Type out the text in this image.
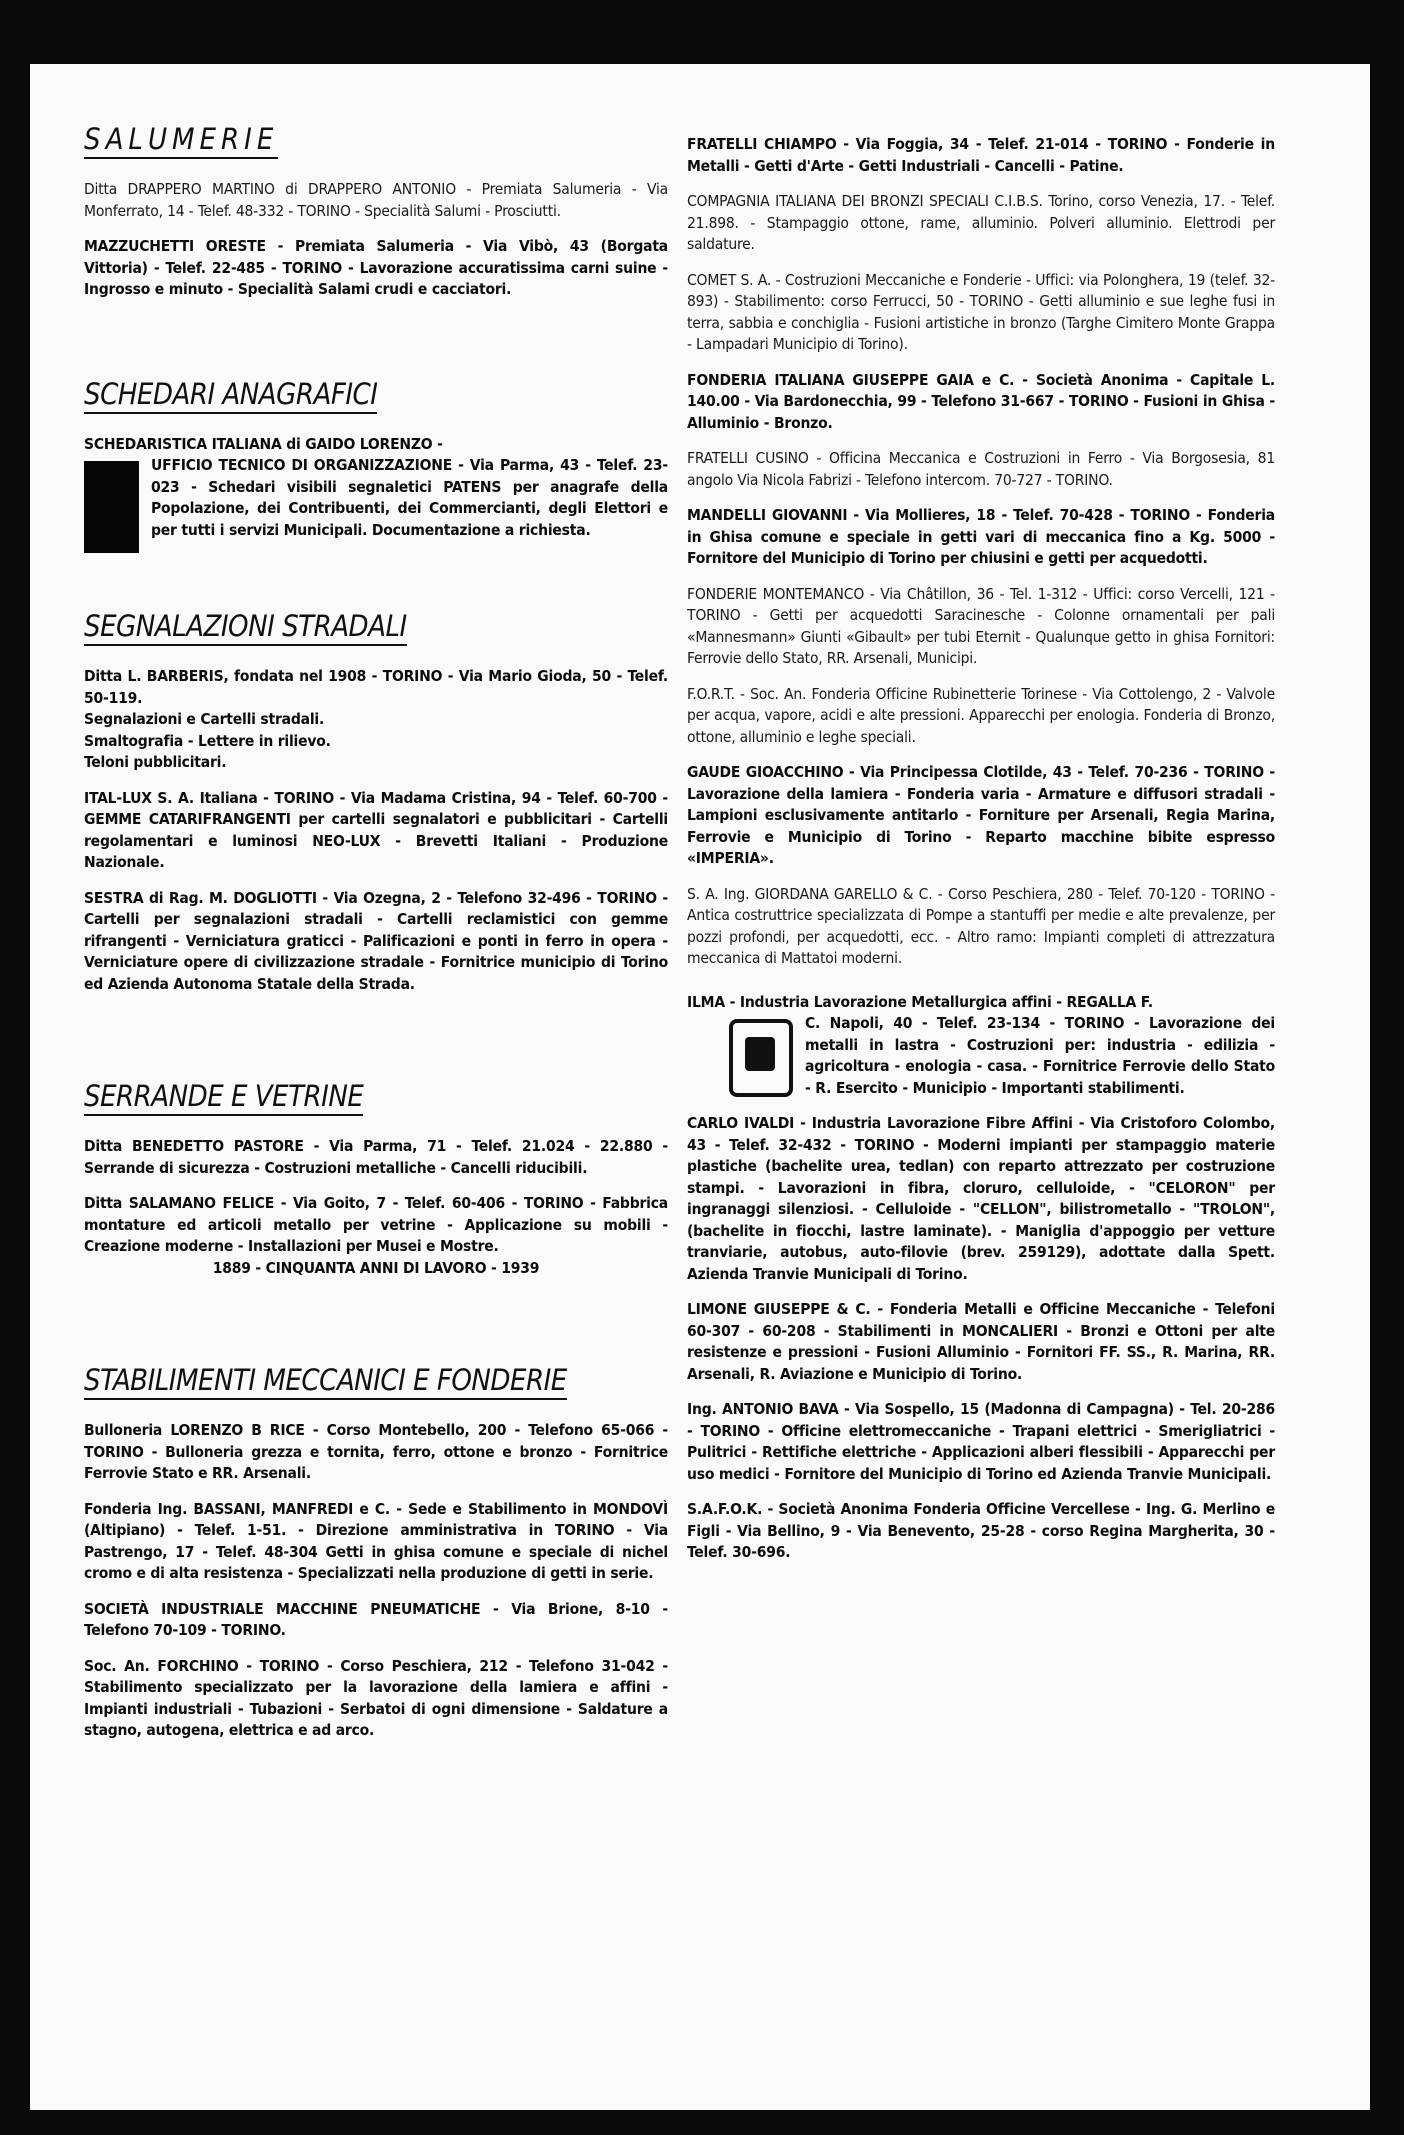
SALUMERIE
Ditta DRAPPERO MARTINO di DRAPPERO ANTONIO - Premiata Salumeria - Via Monferrato, 14 - Telef. 48-332 - TORINO - Specialità Salumi - Prosciutti.
MAZZUCHETTI ORESTE - Premiata Salumeria - Via Vibò, 43 (Borgata Vittoria) - Telef. 22-485 - TORINO - Lavorazione accuratissima carni suine - Ingrosso e minuto - Specialità Salami crudi e cacciatori.
SCHEDARI ANAGRAFICI
SCHEDARISTICA ITALIANA di GAIDO LORENZO -
UFFICIO TECNICO DI ORGANIZZAZIONE - Via Parma, 43 - Telef. 23-023 - Schedari visibili segnaletici PATENS per anagrafe della Popolazione, dei Contribuenti, dei Commercianti, degli Elettori e per tutti i servizi Municipali. Documentazione a richiesta.
SEGNALAZIONI STRADALI
Ditta L. BARBERIS, fondata nel 1908 - TORINO - Via Mario Gioda, 50 - Telef. 50-119.
Segnalazioni e Cartelli stradali.
Smaltografia - Lettere in rilievo.
Teloni pubblicitari.
ITAL-LUX S. A. Italiana - TORINO - Via Madama Cristina, 94 - Telef. 60-700 - GEMME CATARIFRANGENTI per cartelli segnalatori e pubblicitari - Cartelli regolamentari e luminosi NEO-LUX - Brevetti Italiani - Produzione Nazionale.
SESTRA di Rag. M. DOGLIOTTI - Via Ozegna, 2 - Telefono 32-496 - TORINO - Cartelli per segnalazioni stradali - Cartelli reclamistici con gemme rifrangenti - Verniciatura graticci - Palificazioni e ponti in ferro in opera - Verniciature opere di civilizzazione stradale - Fornitrice municipio di Torino ed Azienda Autonoma Statale della Strada.
SERRANDE E VETRINE
Ditta BENEDETTO PASTORE - Via Parma, 71 - Telef. 21.024 - 22.880 - Serrande di sicurezza - Costruzioni metalliche - Cancelli riducibili.
Ditta SALAMANO FELICE - Via Goito, 7 - Telef. 60-406 - TORINO - Fabbrica montature ed articoli metallo per vetrine - Applicazione su mobili - Creazione moderne - Installazioni per Musei e Mostre.
1889 - CINQUANTA ANNI DI LAVORO - 1939
STABILIMENTI MECCANICI E FONDERIE
Bulloneria LORENZO B RICE - Corso Montebello, 200 - Telefono 65-066 - TORINO - Bulloneria grezza e tornita, ferro, ottone e bronzo - Fornitrice Ferrovie Stato e RR. Arsenali.
Fonderia Ing. BASSANI, MANFREDI e C. - Sede e Stabilimento in MONDOVÌ (Altipiano) - Telef. 1-51. - Direzione amministrativa in TORINO - Via Pastrengo, 17 - Telef. 48-304 Getti in ghisa comune e speciale di nichel cromo e di alta resistenza - Specializzati nella produzione di getti in serie.
SOCIETÀ INDUSTRIALE MACCHINE PNEUMATICHE - Via Brione, 8-10 - Telefono 70-109 - TORINO.
Soc. An. FORCHINO - TORINO - Corso Peschiera, 212 - Telefono 31-042 - Stabilimento specializzato per la lavorazione della lamiera e affini - Impianti industriali - Tubazioni - Serbatoi di ogni dimensione - Saldature a stagno, autogena, elettrica e ad arco.
FRATELLI CHIAMPO - Via Foggia, 34 - Telef. 21-014 - TORINO - Fonderie in Metalli - Getti d'Arte - Getti Industriali - Cancelli - Patine.
COMPAGNIA ITALIANA DEI BRONZI SPECIALI C.I.B.S. Torino, corso Venezia, 17. - Telef. 21.898. - Stampaggio ottone, rame, alluminio. Polveri alluminio. Elettrodi per saldature.
COMET S. A. - Costruzioni Meccaniche e Fonderie - Uffici: via Polonghera, 19 (telef. 32-893) - Stabilimento: corso Ferrucci, 50 - TORINO - Getti alluminio e sue leghe fusi in terra, sabbia e conchiglia - Fusioni artistiche in bronzo (Targhe Cimitero Monte Grappa - Lampadari Municipio di Torino).
FONDERIA ITALIANA GIUSEPPE GAIA e C. - Società Anonima - Capitale L. 140.00 - Via Bardonecchia, 99 - Telefono 31-667 - TORINO - Fusioni in Ghisa - Alluminio - Bronzo.
FRATELLI CUSINO - Officina Meccanica e Costruzioni in Ferro - Via Borgosesia, 81 angolo Via Nicola Fabrizi - Telefono intercom. 70-727 - TORINO.
MANDELLI GIOVANNI - Via Mollieres, 18 - Telef. 70-428 - TORINO - Fonderia in Ghisa comune e speciale in getti vari di meccanica fino a Kg. 5000 - Fornitore del Municipio di Torino per chiusini e getti per acquedotti.
FONDERIE MONTEMANCO - Via Châtillon, 36 - Tel. 1-312 - Uffici: corso Vercelli, 121 - TORINO - Getti per acquedotti Saracinesche - Colonne ornamentali per pali «Mannesmann» Giunti «Gibault» per tubi Eternit - Qualunque getto in ghisa Fornitori: Ferrovie dello Stato, RR. Arsenali, Municipi.
F.O.R.T. - Soc. An. Fonderia Officine Rubinetterie Torinese - Via Cottolengo, 2 - Valvole per acqua, vapore, acidi e alte pressioni. Apparecchi per enologia. Fonderia di Bronzo, ottone, alluminio e leghe speciali.
GAUDE GIOACCHINO - Via Principessa Clotilde, 43 - Telef. 70-236 - TORINO - Lavorazione della lamiera - Fonderia varia - Armature e diffusori stradali - Lampioni esclusivamente antitarlo - Forniture per Arsenali, Regia Marina, Ferrovie e Municipio di Torino - Reparto macchine bibite espresso «IMPERIA».
S. A. Ing. GIORDANA GARELLO & C. - Corso Peschiera, 280 - Telef. 70-120 - TORINO - Antica costruttrice specializzata di Pompe a stantuffi per medie e alte prevalenze, per pozzi profondi, per acquedotti, ecc. - Altro ramo: Impianti completi di attrezzatura meccanica di Mattatoi moderni.
ILMA - Industria Lavorazione Metallurgica affini - REGALLA F.
C. Napoli, 40 - Telef. 23-134 - TORINO - Lavorazione dei metalli in lastra - Costruzioni per: industria - edilizia - agricoltura - enologia - casa. - Fornitrice Ferrovie dello Stato - R. Esercito - Municipio - Importanti stabilimenti.
CARLO IVALDI - Industria Lavorazione Fibre Affini - Via Cristoforo Colombo, 43 - Telef. 32-432 - TORINO - Moderni impianti per stampaggio materie plastiche (bachelite urea, tedlan) con reparto attrezzato per costruzione stampi. - Lavorazioni in fibra, cloruro, celluloide, - "CELORON" per ingranaggi silenziosi. - Celluloide - "CELLON", bilistrometallo - "TROLON", (bachelite in fiocchi, lastre laminate). - Maniglia d'appoggio per vetture tranviarie, autobus, auto-filovie (brev. 259129), adottate dalla Spett. Azienda Tranvie Municipali di Torino.
LIMONE GIUSEPPE & C. - Fonderia Metalli e Officine Meccaniche - Telefoni 60-307 - 60-208 - Stabilimenti in MONCALIERI - Bronzi e Ottoni per alte resistenze e pressioni - Fusioni Alluminio - Fornitori FF. SS., R. Marina, RR. Arsenali, R. Aviazione e Municipio di Torino.
Ing. ANTONIO BAVA - Via Sospello, 15 (Madonna di Campagna) - Tel. 20-286 - TORINO - Officine elettromeccaniche - Trapani elettrici - Smerigliatrici - Pulitrici - Rettifiche elettriche - Applicazioni alberi flessibili - Apparecchi per uso medici - Fornitore del Municipio di Torino ed Azienda Tranvie Municipali.
S.A.F.O.K. - Società Anonima Fonderia Officine Vercellese - Ing. G. Merlino e Figli - Via Bellino, 9 - Via Benevento, 25-28 - corso Regina Margherita, 30 - Telef. 30-696.
